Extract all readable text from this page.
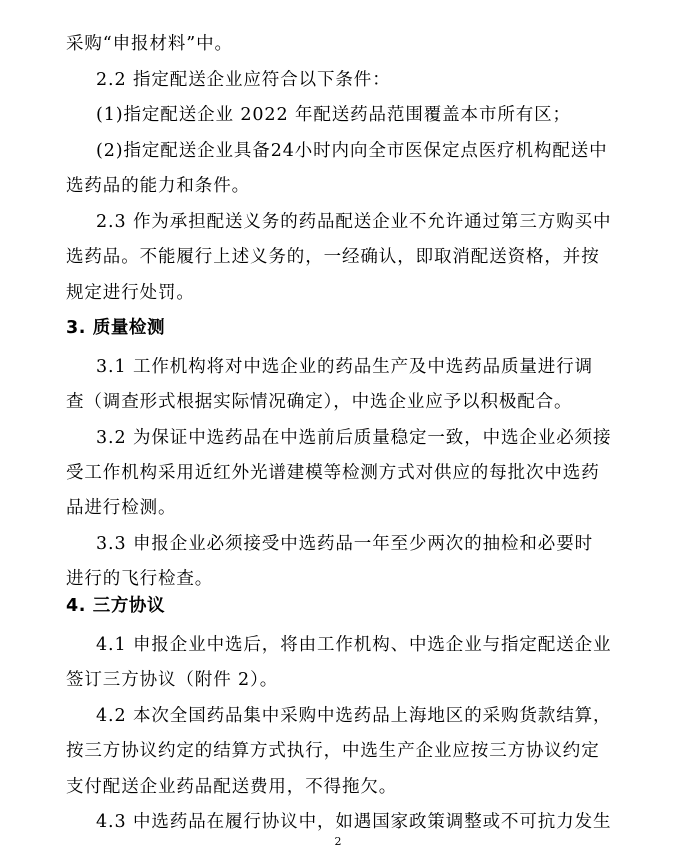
采购“申报材料”中。
2.2 指定配送企业应符合以下条件：
(1)指定配送企业 2022 年配送药品范围覆盖本市所有区；
(2)指定配送企业具备24小时内向全市医保定点医疗机构配送中
选药品的能力和条件。
2.3 作为承担配送义务的药品配送企业不允许通过第三方购买中
选药品。不能履行上述义务的，一经确认，即取消配送资格，并按
规定进行处罚。
3. 质量检测
3.1 工作机构将对中选企业的药品生产及中选药品质量进行调
查（调查形式根据实际情况确定），中选企业应予以积极配合。
3.2 为保证中选药品在中选前后质量稳定一致，中选企业必须接
受工作机构采用近红外光谱建模等检测方式对供应的每批次中选药
品进行检测。
3.3 申报企业必须接受中选药品一年至少两次的抽检和必要时
进行的飞行检查。
4. 三方协议
4.1 申报企业中选后，将由工作机构、中选企业与指定配送企业
签订三方协议（附件 2）。
4.2 本次全国药品集中采购中选药品上海地区的采购货款结算，
按三方协议约定的结算方式执行，中选生产企业应按三方协议约定
支付配送企业药品配送费用，不得拖欠。
4.3 中选药品在履行协议中，如遇国家政策调整或不可抗力发生
2
